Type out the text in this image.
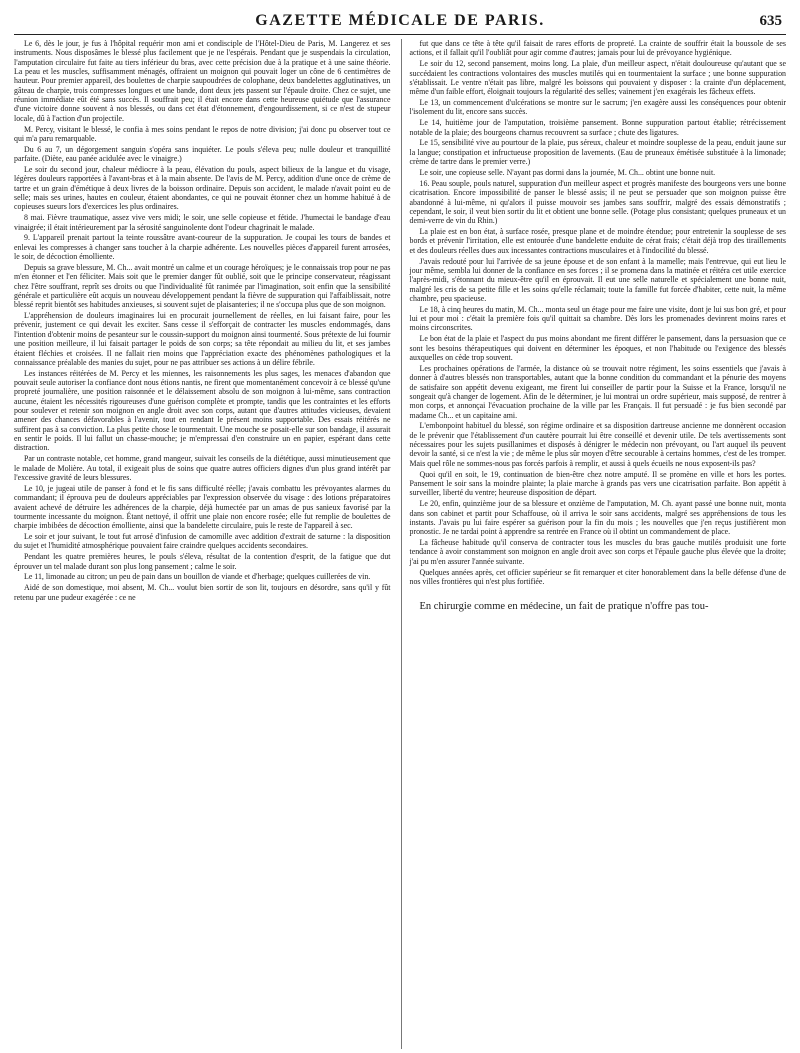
GAZETTE MÉDICALE DE PARIS.	635

Le 6, dès le jour, je fus à l'hôpital requérir mon ami et condisciple de l'Hôtel-Dieu de Paris, M. Langerez et ses instruments. Nous disposâmes le blessé plus facilement que je ne l'espérais. Pendant que je suspendais la circulation, l'amputation circulaire fut faite au tiers inférieur du bras, avec cette précision due à la pratique et à une saine théorie. La peau et les muscles, suffisamment ménagés, offraient un moignon qui pouvait loger un cône de 6 centimètres de hauteur. Pour premier appareil, des boulettes de charpie saupoudrées de colophane, deux bandelettes agglutinatives, un gâteau de charpie, trois compresses longues et une bande, dont deux jets passent sur l'épaule droite. Chez ce sujet, une réunion immédiate eût été sans succès. Il souffrait peu; il était encore dans cette heureuse quiétude que l'assurance d'une victoire donne souvent à nos blessés, ou dans cet état d'étonnement, d'engourdissement, si ce n'est de stupeur locale, dû à l'action d'un projectile.

M. Percy, visitant le blessé, le confia à mes soins pendant le repos de notre division; j'ai donc pu observer tout ce qui m'a paru remarquable.

Du 6 au 7, un dégorgement sanguin s'opéra sans inquiéter. Le pouls s'éleva peu; nulle douleur et tranquillité parfaite. (Diète, eau panée acidulée avec le vinaigre.)

Le soir du second jour, chaleur médiocre à la peau, élévation du pouls, aspect bilieux de la langue et du visage, légères douleurs rapportées à l'avant-bras et à la main absente. De l'avis de M. Percy, addition d'une once de crème de tartre et un grain d'émétique à deux livres de la boisson ordinaire. Depuis son accident, le malade n'avait point eu de selle; mais ses urines, hautes en couleur, étaient abondantes, ce qui ne pouvait étonner chez un homme habitué à de copieuses sueurs lors d'exercices les plus ordinaires.

8 mai. Fièvre traumatique, assez vive vers midi; le soir, une selle copieuse et fétide. J'humectai le bandage d'eau vinaigrée; il était intérieurement par la sérosité sanguinolente dont l'odeur chagrinait le malade.

9. L'appareil prenait partout la teinte roussâtre avant-coureur de la suppuration. Je coupai les tours de bandes et enlevai les compresses à changer sans toucher à la charpie adhérente. Les nouvelles pièces d'appareil furent arrosées, le soir, de décoction émolliente.

Depuis sa grave blessure, M. Ch... avait montré un calme et un courage héroïques; je le connaissais trop pour ne pas m'en étonner et l'en féliciter. Mais soit que le premier danger fût oublié, soit que le principe conservateur, réagissant chez l'être souffrant, reprît ses droits ou que l'individualité fût ranimée par l'imagination, soit enfin que la sensibilité générale et particulière eût acquis un nouveau développement pendant la fièvre de suppuration qui l'affaiblissait, notre blessé reprit bientôt ses habitudes anxieuses, si souvent sujet de plaisanteries; il ne s'occupa plus que de son moignon.

L'appréhension de douleurs imaginaires lui en procurait journellement de réelles, en lui faisant faire, pour les prévenir, justement ce qui devait les exciter. Sans cesse il s'efforçait de contracter les muscles endommagés, dans l'intention d'obtenir moins de pesanteur sur le coussin-support du moignon ainsi tourmenté. Sous prétexte de lui fournir une position meilleure, il lui faisait partager le poids de son corps; sa tête répondait au milieu du lit, et ses jambes étaient fléchies et croisées. Il ne fallait rien moins que l'appréciation exacte des phénomènes pathologiques et la connaissance préalable des manies du sujet, pour ne pas attribuer ses actions à un délire fébrile.

Les instances réitérées de M. Percy et les miennes, les raisonnements les plus sages, les menaces d'abandon que pouvait seule autoriser la confiance dont nous étions nantis, ne firent que momentanément concevoir à ce blessé qu'une propreté journalière, une position raisonnée et le délaissement absolu de son moignon à lui-même, sans contraction aucune, étaient les nécessités rigoureuses d'une guérison complète et prompte, tandis que les contraintes et les efforts pour soulever et retenir son moignon en angle droit avec son corps, autant que d'autres attitudes vicieuses, devaient amener des chances défavorables à l'avenir, tout en rendant le présent moins supportable. Des essais réitérés ne suffirent pas à sa conviction. La plus petite chose le tourmentait. Une mouche se posait-elle sur son bandage, il assurait en sentir le poids. Il lui fallut un chasse-mouche; je m'empressai d'en construire un en papier, espérant dans cette distraction.

Par un contraste notable, cet homme, grand mangeur, suivait les conseils de la diététique, aussi minutieusement que le malade de Molière. Au total, il exigeait plus de soins que quatre autres officiers dignes d'un plus grand intérêt par l'excessive gravité de leurs blessures.

Le 10, je jugeai utile de panser à fond et le fis sans difficulté réelle; j'avais combattu les prévoyantes alarmes du commandant; il éprouva peu de douleurs appréciables par l'expression observée du visage : des lotions préparatoires avaient achevé de détruire les adhérences de la charpie, déjà humectée par un amas de pus sanieux favorisé par la tourmente incessante du moignon. Étant nettoyé, il offrit une plaie non encore rosée; elle fut remplie de boulettes de charpie imbibées de décoction émolliente, ainsi que la bandelette circulaire, puis le reste de l'appareil à sec.

Le soir et jour suivant, le tout fut arrosé d'infusion de camomille avec addition d'extrait de saturne : la disposition du sujet et l'humidité atmosphérique pouvaient faire craindre quelques accidents secondaires.

Pendant les quatre premières heures, le pouls s'éleva, résultat de la contention d'esprit, de la fatigue que dut éprouver un tel malade durant son plus long pansement ; calme le soir.

Le 11, limonade au citron; un peu de pain dans un bouillon de viande et d'herbage; quelques cuillerées de vin.

Aidé de son domestique, moi absent, M. Ch... voulut bien sortir de son lit, toujours en désordre, sans qu'il y fût retenu par une pudeur exagérée : ce ne

fut que dans ce tête à tête qu'il faisait de rares efforts de propreté. La crainte de souffrir était la boussole de ses actions, et il fallait qu'il l'oubliât pour agir comme d'autres; jamais pour lui de prévoyance hygiénique.

Le soir du 12, second pansement, moins long. La plaie, d'un meilleur aspect, n'était douloureuse qu'autant que se succédaient les contractions volontaires des muscles mutilés qui en tourmentaient la surface ; une bonne suppuration s'établissait. Le ventre n'était pas libre, malgré les boissons qui pouvaient y disposer : la crainte d'un déplacement, même d'un faible effort, éloignait toujours la régularité des selles; vainement j'en exagérais les fâcheux effets.

Le 13, un commencement d'ulcérations se montre sur le sacrum; j'en exagère aussi les conséquences pour obtenir l'isolement du lit, encore sans succès.

Le 14, huitième jour de l'amputation, troisième pansement. Bonne suppuration partout établie; rétrécissement notable de la plaie; des bourgeons charnus recouvrent sa surface ; chute des ligatures.

Le 15, sensibilité vive au pourtour de la plaie, pus séreux, chaleur et moindre souplesse de la peau, enduit jaune sur la langue; constipation et infructueuse proposition de lavements. (Eau de pruneaux émétisée substituée à la limonade; crème de tartre dans le premier verre.)

Le soir, une copieuse selle. N'ayant pas dormi dans la journée, M. Ch... obtint une bonne nuit.

16. Peau souple, pouls naturel, suppuration d'un meilleur aspect et progrès manifeste des bourgeons vers une bonne cicatrisation. Encore impossibilité de panser le blessé assis; il ne peut se persuader que son moignon puisse être abandonné à lui-même, ni qu'alors il puisse mouvoir ses jambes sans souffrir, malgré des essais démonstratifs ; cependant, le soir, il veut bien sortir du lit et obtient une bonne selle. (Potage plus consistant; quelques pruneaux et un demi-verre de vin du Rhin.)

La plaie est en bon état, à surface rosée, presque plane et de moindre étendue; pour entretenir la souplesse de ses bords et prévenir l'irritation, elle est entourée d'une bandelette enduite de cérat frais; c'était déjà trop des tiraillements et des douleurs réelles dues aux incessantes contractions musculaires et à l'indocilité du blessé.

J'avais redouté pour lui l'arrivée de sa jeune épouse et de son enfant à la mamelle; mais l'entrevue, qui eut lieu le jour même, sembla lui donner de la confiance en ses forces ; il se promena dans la matinée et réitéra cet utile exercice l'après-midi, s'étonnant du mieux-être qu'il en éprouvait. Il eut une selle naturelle et spécialement une bonne nuit, malgré les cris de sa petite fille et les soins qu'elle réclamait; toute la famille fut forcée d'habiter, cette nuit, la même chambre, peu spacieuse.

Le 18, à cinq heures du matin, M. Ch... monta seul un étage pour me faire une visite, dont je lui sus bon gré, et pour lui et pour moi : c'était la première fois qu'il quittait sa chambre. Dès lors les promenades devinrent moins rares et moins circonscrites.

Le bon état de la plaie et l'aspect du pus moins abondant me firent différer le pansement, dans la persuasion que ce sont les besoins thérapeutiques qui doivent en déterminer les époques, et non l'habitude ou l'exigence des blessés auxquelles on cède trop souvent.

Les prochaines opérations de l'armée, la distance où se trouvait notre régiment, les soins essentiels que j'avais à donner à d'autres blessés non transportables, autant que la bonne condition du commandant et la pénurie des moyens de satisfaire son appétit devenu exigeant, me firent lui conseiller de partir pour la Suisse et la France, lorsqu'il ne songeait qu'à changer de logement. Afin de le déterminer, je lui montrai un ordre supérieur, mais supposé, de rentrer à mon corps, et annonçai l'évacuation prochaine de la ville par les Français. Il fut persuadé : je fus bien secondé par madame Ch... et un capitaine ami.

L'embonpoint habituel du blessé, son régime ordinaire et sa disposition dartreuse ancienne me donnèrent occasion de le prévenir que l'établissement d'un cautère pourrait lui être conseillé et devenir utile. De tels avertissements sont nécessaires pour les sujets pusillanimes et disposés à dénigrer le médecin non prévoyant, ou l'art auquel ils peuvent devoir la santé, si ce n'est la vie ; de même le plus sûr moyen d'être secourable à certains hommes, c'est de les tromper. Mais quel rôle ne sommes-nous pas forcés parfois à remplir, et aussi à quels écueils ne nous exposent-ils pas?

Quoi qu'il en soit, le 19, continuation de bien-être chez notre amputé. Il se promène en ville et hors les portes. Pansement le soir sans la moindre plainte; la plaie marche à grands pas vers une cicatrisation parfaite. Bon appétit à surveiller, liberté du ventre; heureuse disposition de départ.

Le 20, enfin, quinzième jour de sa blessure et onzième de l'amputation, M. Ch. ayant passé une bonne nuit, monta dans son cabinet et partit pour Schaffouse, où il arriva le soir sans accidents, malgré ses appréhensions de tous les instants. J'avais pu lui faire espérer sa guérison pour la fin du mois ; les nouvelles que j'en reçus justifièrent mon pronostic. Je ne tardai point à apprendre sa rentrée en France où il obtint un commandement de place.

La fâcheuse habitude qu'il conserva de contracter tous les muscles du bras gauche mutilés produisit une forte tendance à avoir constamment son moignon en angle droit avec son corps et l'épaule gauche plus élevée que la droite; j'ai pu m'en assurer l'année suivante.

Quelques années après, cet officier supérieur se fit remarquer et citer honorablement dans la belle défense d'une de nos villes frontières qui n'est plus fortifiée.

En chirurgie comme en médecine, un fait de pratique n'offre pas tou-
